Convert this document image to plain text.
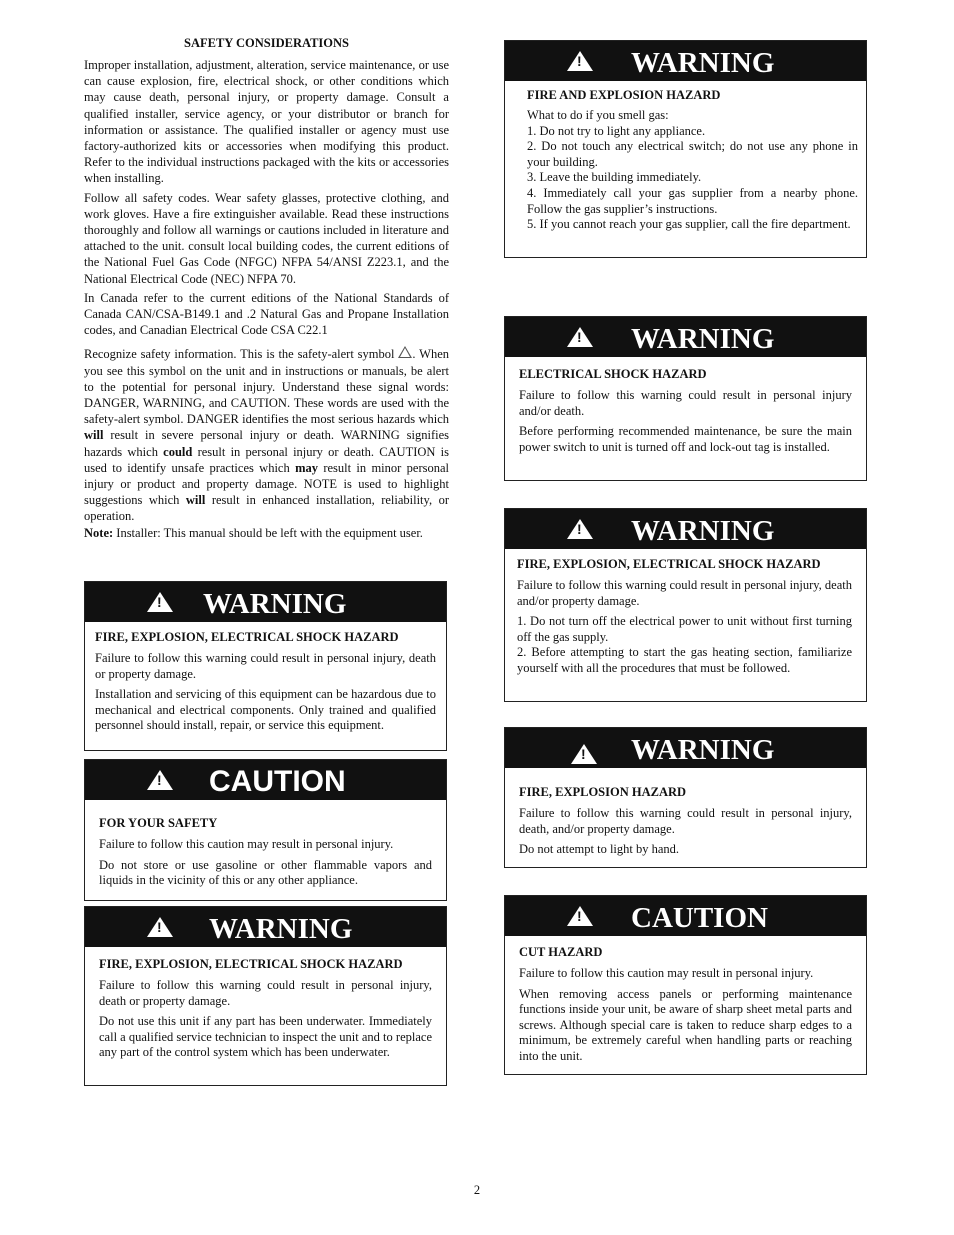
SAFETY CONSIDERATIONS

Improper installation, adjustment, alteration, service maintenance, or use can cause explosion, fire, electrical shock, or other conditions which may cause death, personal injury, or property damage. Consult a qualified installer, service agency, or your distributor or branch for information or assistance. The qualified installer or agency must use factory-authorized kits or accessories when modifying this product. Refer to the individual instructions packaged with the kits or accessories when installing.

Follow all safety codes. Wear safety glasses, protective clothing, and work gloves. Have a fire extinguisher available. Read these instructions thoroughly and follow all warnings or cautions included in literature and attached to the unit. consult local building codes, the current editions of the National Fuel Gas Code (NFGC) NFPA 54/ANSI Z223.1, and the National Electrical Code (NEC) NFPA 70.

In Canada refer to the current editions of the National Standards of Canada CAN/CSA-B149.1 and .2 Natural Gas and Propane Installation codes, and Canadian Electrical Code CSA C22.1

Recognize safety information. This is the safety-alert symbol . When you see this symbol on the unit and in instructions or manuals, be alert to the potential for personal injury. Understand these signal words: DANGER, WARNING, and CAUTION. These words are used with the safety-alert symbol. DANGER identifies the most serious hazards which will result in severe personal injury or death. WARNING signifies hazards which could result in personal injury or death. CAUTION is used to identify unsafe practices which may result in minor personal injury or product and property damage. NOTE is used to highlight suggestions which will result in enhanced installation, reliability, or operation.

Note: Installer: This manual should be left with the equipment user.

!
WARNING
FIRE, EXPLOSION, ELECTRICAL SHOCK HAZARD

Failure to follow this warning could result in personal injury, death or property damage.

Installation and servicing of this equipment can be hazardous due to mechanical and electrical components. Only trained and qualified personnel should install, repair, or service this equipment.

!
CAUTION
FOR YOUR SAFETY

Failure to follow this caution may result in personal injury.

Do not store or use gasoline or other flammable vapors and liquids in the vicinity of this or any other appliance.

!
WARNING
FIRE, EXPLOSION, ELECTRICAL SHOCK HAZARD

Failure to follow this warning could result in personal injury, death or property damage.

Do not use this unit if any part has been underwater. Immediately call a qualified service technician to inspect the unit and to replace any part of the control system which has been underwater.

!
WARNING
FIRE AND EXPLOSION HAZARD

What to do if you smell gas:

1. Do not try to light any appliance.

2. Do not touch any electrical switch; do not use any phone in your building.

3. Leave the building immediately.

4. Immediately call your gas supplier from a nearby phone. Follow the gas supplier’s instructions.

5. If you cannot reach your gas supplier, call the fire department.

!
WARNING
ELECTRICAL SHOCK HAZARD

Failure to follow this warning could result in personal injury and/or death.

Before performing recommended maintenance, be sure the main power switch to unit is turned off and lock-out tag is installed.

!
WARNING
FIRE, EXPLOSION, ELECTRICAL SHOCK HAZARD

Failure to follow this warning could result in personal injury, death and/or property damage.

1. Do not turn off the electrical power to unit without first turning off the gas supply.

2. Before attempting to start the gas heating section, familiarize yourself with all the procedures that must be followed.

!
WARNING
FIRE, EXPLOSION HAZARD

Failure to follow this warning could result in personal injury, death, and/or property damage.

Do not attempt to light by hand.

!
CAUTION
CUT HAZARD

Failure to follow this caution may result in personal injury.

When removing access panels or performing maintenance functions inside your unit, be aware of sharp sheet metal parts and screws. Although special care is taken to reduce sharp edges to a minimum, be extremely careful when handling parts or reaching into the unit.

2
